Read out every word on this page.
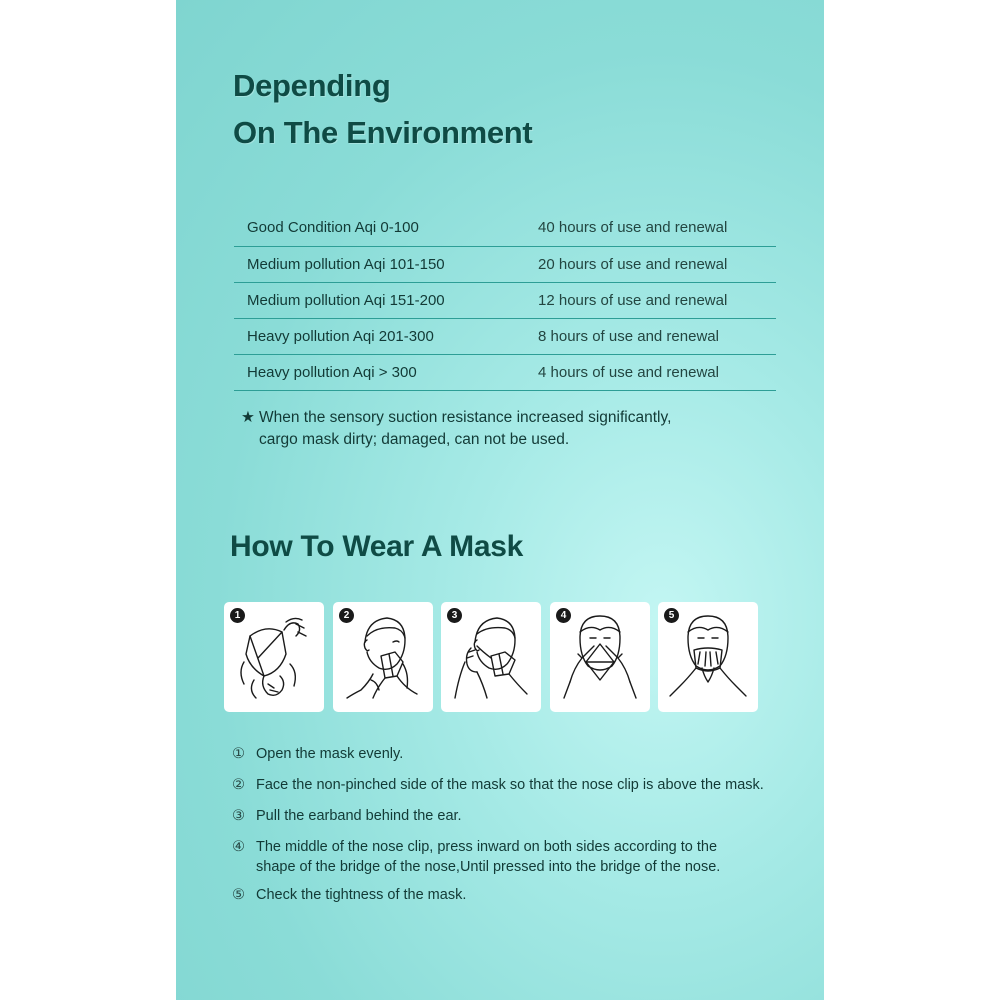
Depending
On The Environment
Good Condition Aqi 0-100	40 hours of use and renewal
Medium pollution Aqi 101-150	20 hours of use and renewal
Medium pollution Aqi 151-200	12 hours of use and renewal
Heavy pollution Aqi 201-300	8 hours of use and renewal
Heavy pollution Aqi > 300	4 hours of use and renewal
★ When the sensory suction resistance increased significantly,
cargo mask dirty; damaged, can not be used.
How To Wear A Mask
1	2	3	4	5
① Open the mask evenly.
② Face the non-pinched side of the mask so that the nose clip is above the mask.
③ Pull the earband behind the ear.
④ The middle of the nose clip, press inward on both sides according to the
shape of the bridge of the nose,Until pressed into the bridge of the nose.
⑤ Check the tightness of the mask.
